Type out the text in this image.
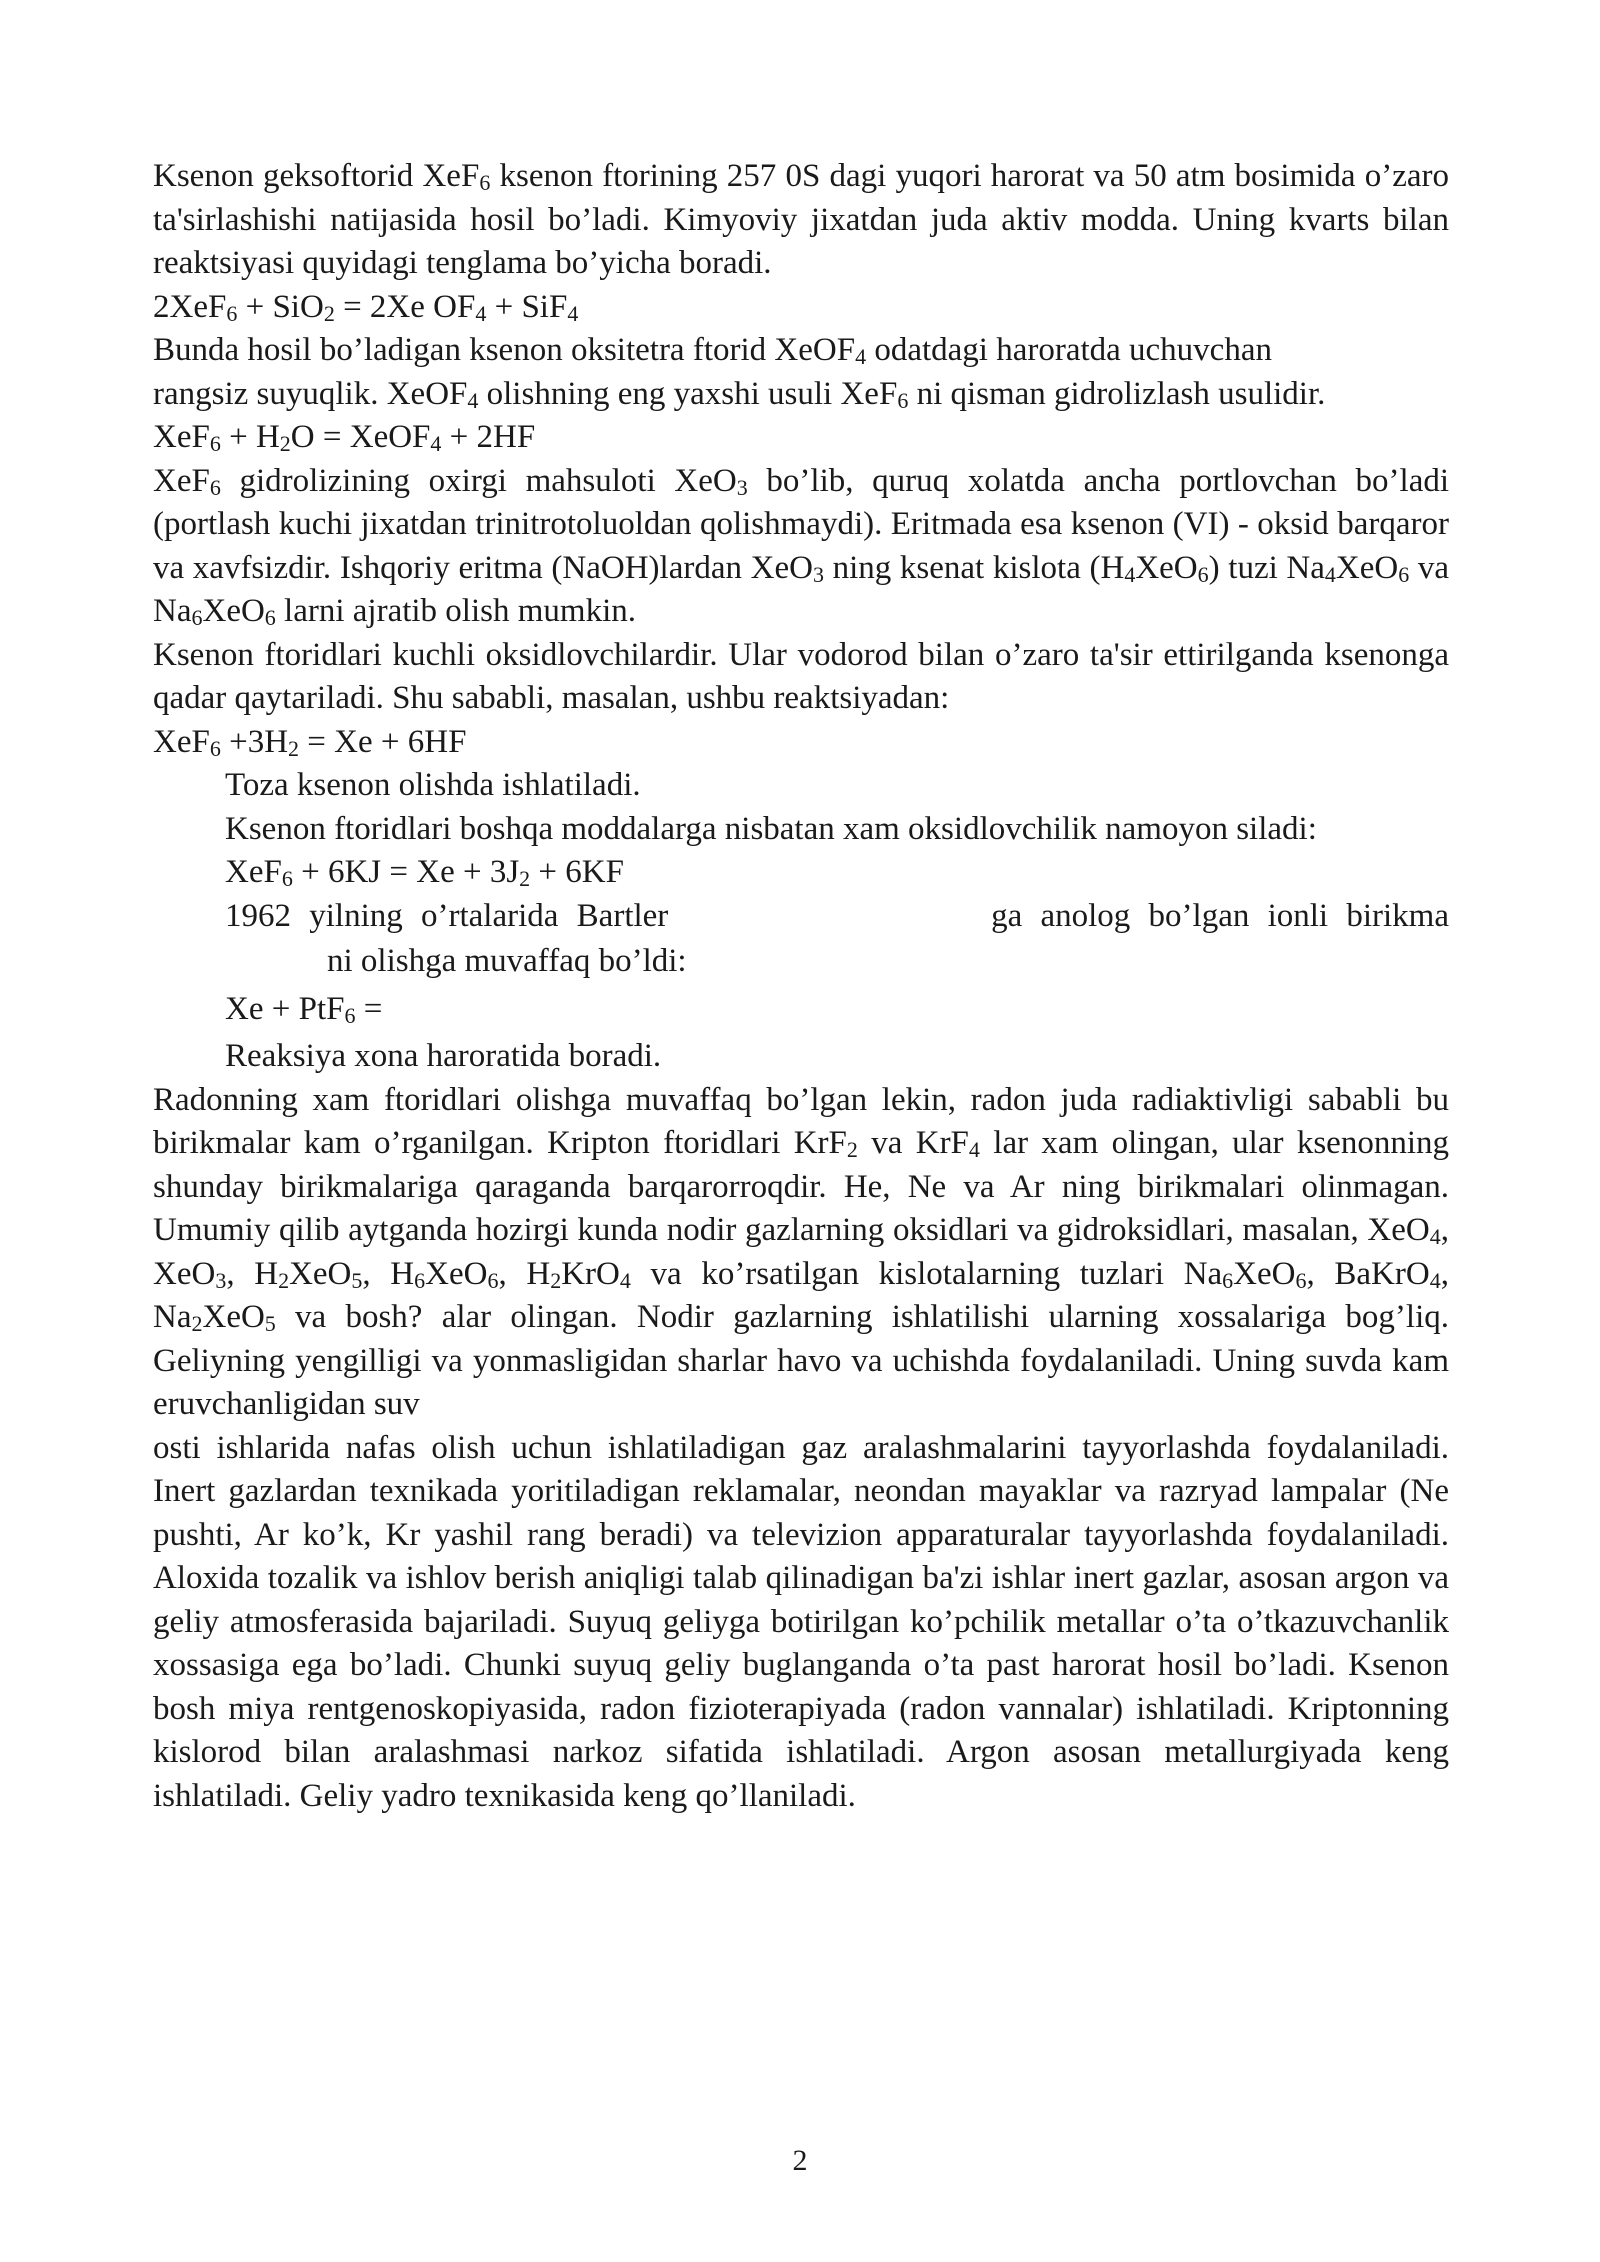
Ksenon geksoftorid XeF$_6$ ksenon ftorining 257 0S dagi yuqori harorat va 50 atm bosimida o’zaro ta'sirlashishi natijasida hosil bo’ladi. Kimyoviy jixatdan juda aktiv modda. Uning kvarts bilan reaktsiyasi quyidagi tenglama bo’yicha boradi.

2XeF$_6$ + SiO$_2$ = 2Xe $OF_4 + SiF_4$

Bunda hosil bo’ladigan ksenon oksitetra ftorid XeOF$_4$ odatdagi haroratda uchuvchan

rangsiz suyuqlik. XeOF$_4$ olishning eng yaxshi usuli XeF$_6$ ni qisman gidrolizlash usulidir.

$XeF_6 + H_2O$ = XeOF$_4$ + 2HF

XeF$_6$ gidrolizining oxirgi mahsuloti XeO$_3$ bo’lib, quruq xolatda ancha portlovchan bo’ladi (portlash kuchi jixatdan trinitrotoluoldan qolishmaydi). Eritmada esa ksenon (VI) - oksid barqaror va xavfsizdir. Ishqoriy eritma (NaOH)lardan XeO$_3$ ning ksenat kislota $(H_4XeO_6)$ tuzi $Na_4XeO_6$ va $Na_6XeO_6$ larni ajratib olish mumkin.

Ksenon ftoridlari kuchli oksidlovchilardir. Ular vodorod bilan o’zaro ta'sir ettirilganda ksenonga qadar qaytariladi. Shu sababli, masalan, ushbu reaktsiyadan:

$XeF_6 +3H_2 = Xe + 6HF$

Toza ksenon olishda ishlatiladi.

Ksenon ftoridlari boshqa moddalarga nisbatan xam oksidlovchilik namoyon siladi:

$XeF_6 + 6KJ = Xe + 3J_2 + 6KF$

1962 yilning o’rtalarida Bartler	ga anolog bo’lgan ionli birikma

ni olishga muvaffaq bo’ldi:

Xe + PtF$_6$ =

Reaksiya xona haroratida boradi.

Radonning xam ftoridlari olishga muvaffaq bo’lgan lekin, radon juda radiaktivligi sababli bu birikmalar kam o’rganilgan. Kripton ftoridlari KrF$_2$ va KrF$_4$ lar xam olingan, ular ksenonning shunday birikmalariga qaraganda barqarorroqdir. He, Ne va Ar ning birikmalari olinmagan. Umumiy qilib aytganda hozirgi kunda nodir gazlarning oksidlari va gidroksidlari, masalan, XeO$_4$, XeO$_3$, $H_2XeO_5$, $H_6XeO_6$, $H_2KrO_4$ va ko’rsatilgan kislotalarning tuzlari $Na_6XeO_6$, BaKrO$_4$, $Na_2XeO_5$ va bosh? alar olingan. Nodir gazlarning ishlatilishi ularning xossalariga bog’liq. Geliyning yengilligi va yonmasligidan sharlar havo va uchishda foydalaniladi. Uning suvda kam eruvchanligidan suv

osti ishlarida nafas olish uchun ishlatiladigan gaz aralashmalarini tayyorlashda foydalaniladi. Inert gazlardan texnikada yoritiladigan reklamalar, neondan mayaklar va razryad lampalar (Ne pushti, Ar ko’k, Kr yashil rang beradi) va televizion apparaturalar tayyorlashda foydalaniladi. Aloxida tozalik va ishlov berish aniqligi talab qilinadigan ba'zi ishlar inert gazlar, asosan argon va geliy atmosferasida bajariladi. Suyuq geliyga botirilgan ko’pchilik metallar o’ta o’tkazuvchanlik xossasiga ega bo’ladi. Chunki suyuq geliy buglanganda o’ta past harorat hosil bo’ladi. Ksenon bosh miya rentgenoskopiyasida, radon fizioterapiyada (radon vannalar) ishlatiladi. Kriptonning kislorod bilan aralashmasi narkoz sifatida ishlatiladi. Argon asosan metallurgiyada keng ishlatiladi. Geliy yadro texnikasida keng qo’llaniladi.

2
